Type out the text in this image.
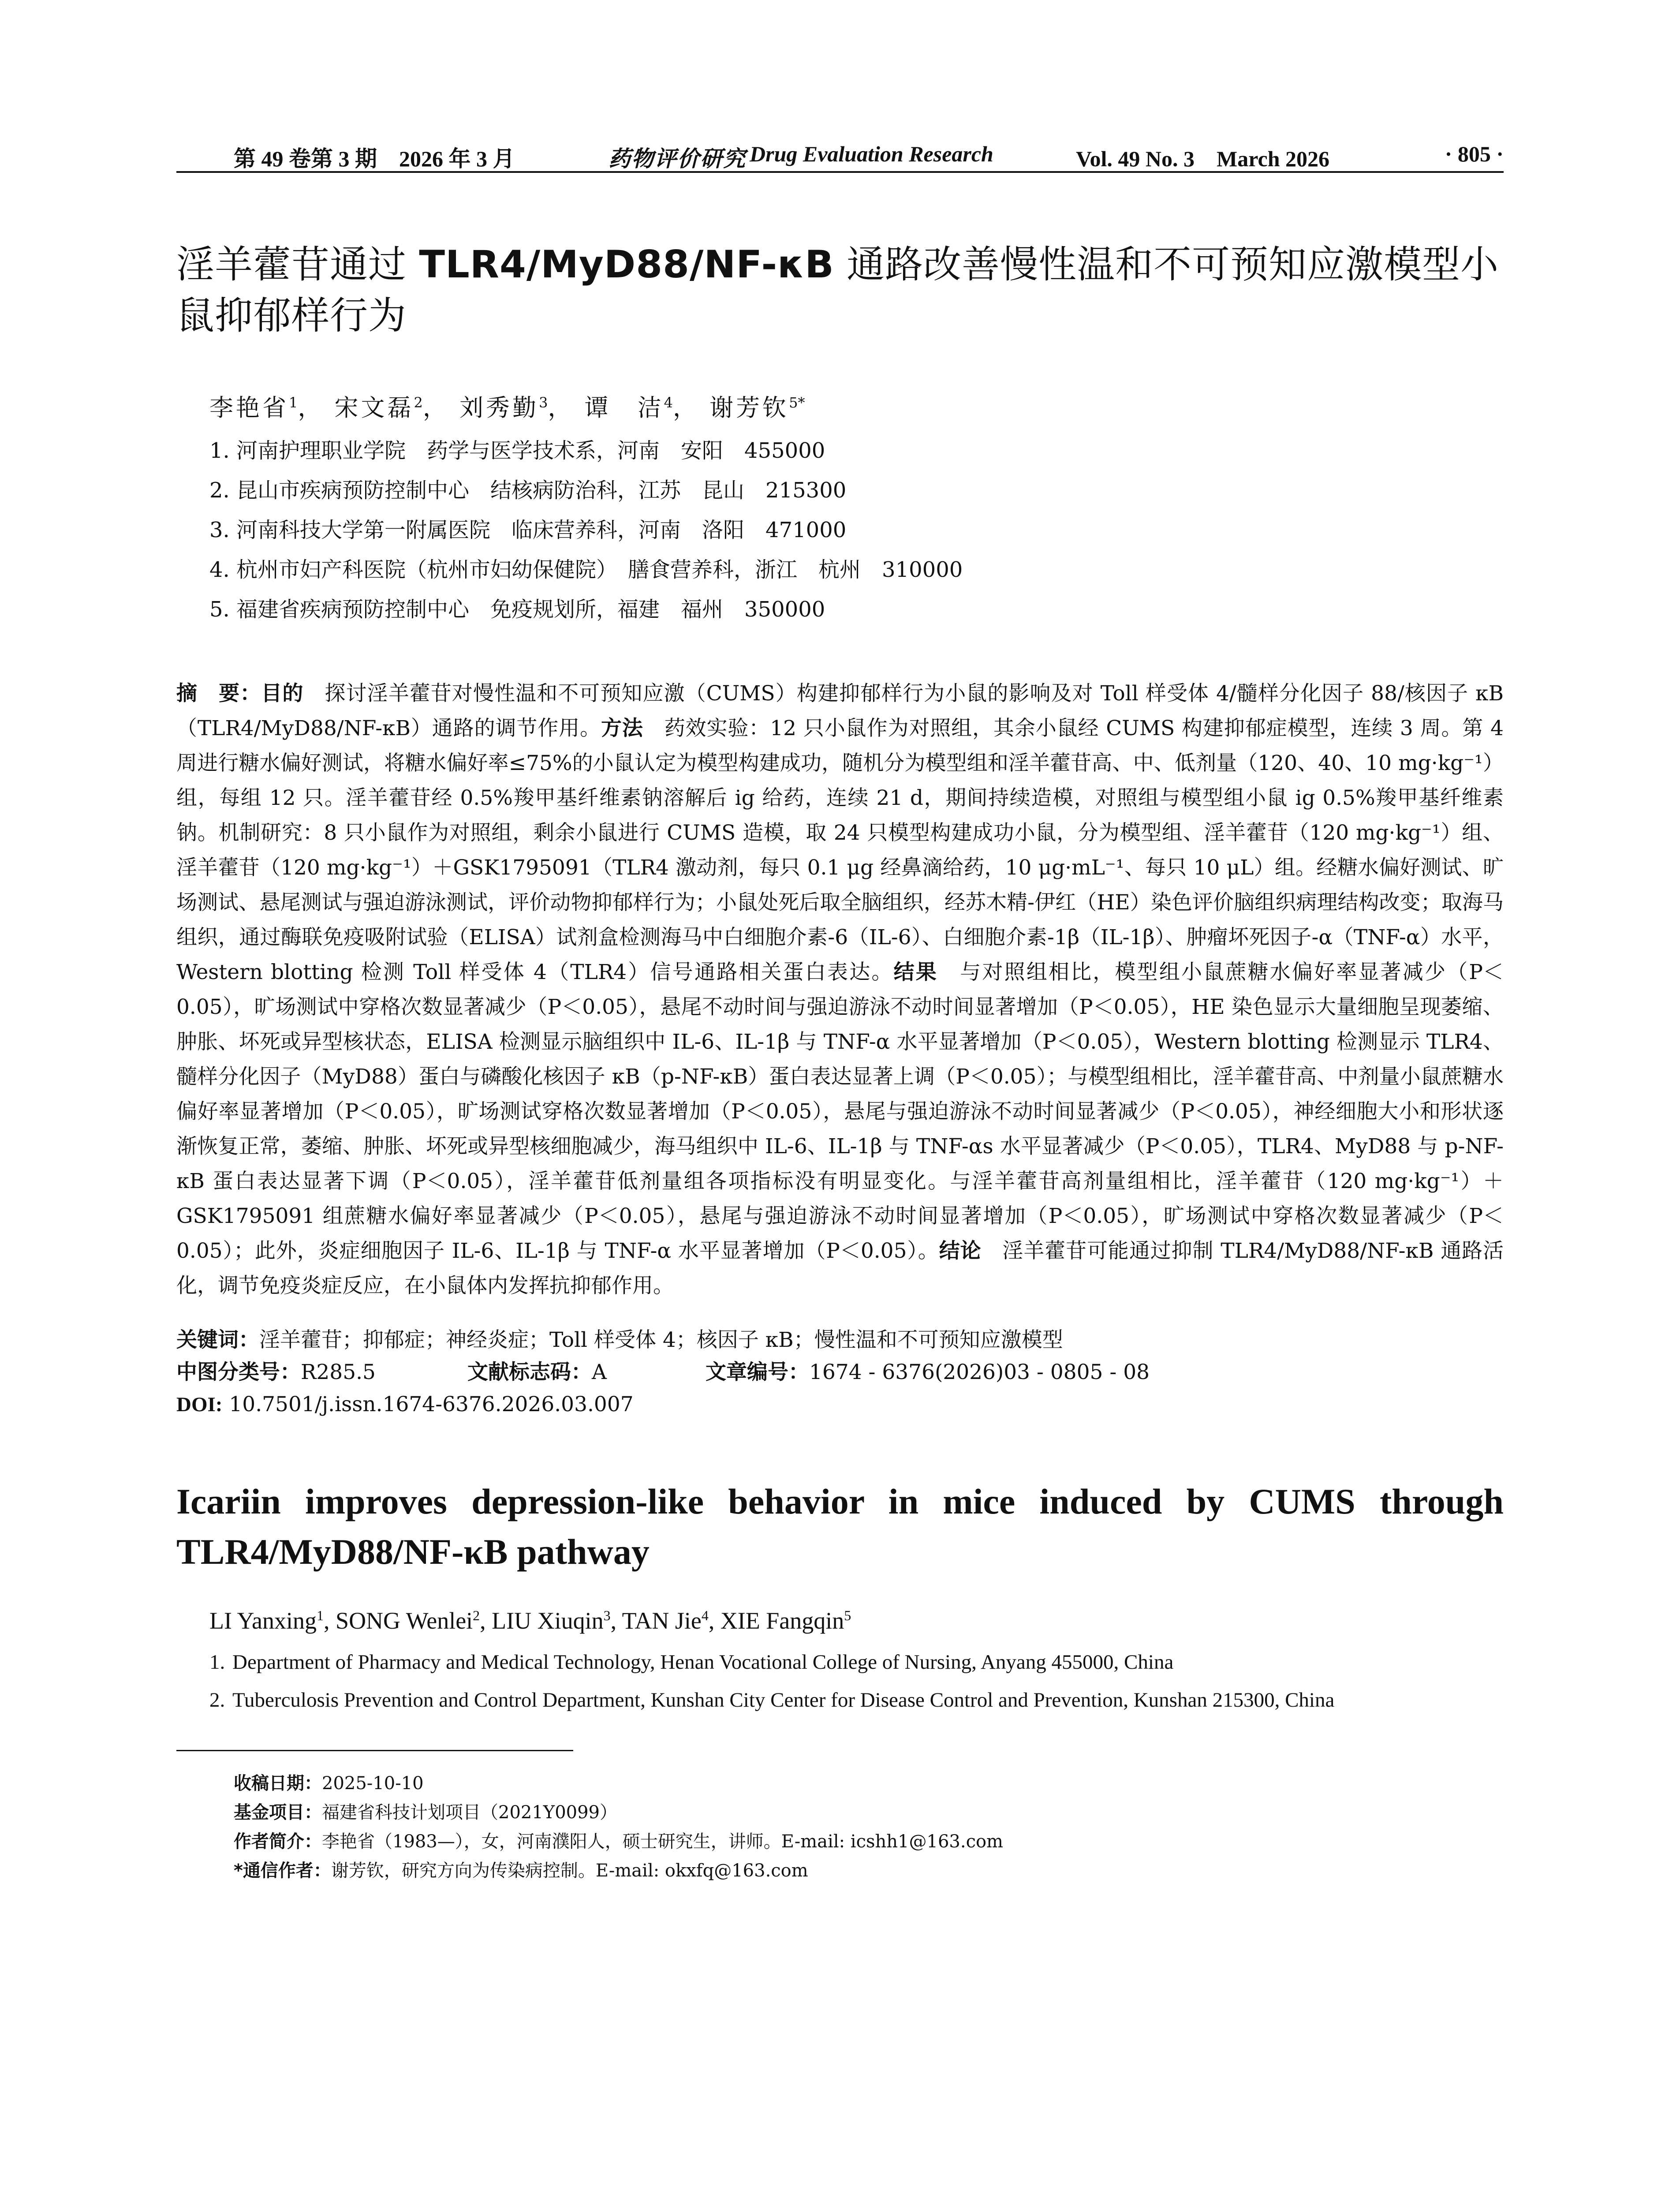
第 49 卷第 3 期　2026 年 3 月	药物评价研究 Drug Evaluation Research	Vol. 49 No. 3　March 2026	· 805 ·
淫羊藿苷通过 TLR4/MyD88/NF-κB 通路改善慢性温和不可预知应激模型小鼠抑郁样行为
李艳省$^1$， 宋文磊$^2$， 刘秀勤$^3$， 谭　洁$^4$， 谢芳钦$^{5*}$
1. 河南护理职业学院　药学与医学技术系，河南　安阳　455000
2. 昆山市疾病预防控制中心　结核病防治科，江苏　昆山　215300
3. 河南科技大学第一附属医院　临床营养科，河南　洛阳　471000
4. 杭州市妇产科医院（杭州市妇幼保健院）　膳食营养科，浙江　杭州　310000
5. 福建省疾病预防控制中心　免疫规划所，福建　福州　350000

摘　要：目的　探讨淫羊藿苷对慢性温和不可预知应激（CUMS）构建抑郁样行为小鼠的影响及对 Toll 样受体 4/髓样分化因子 88/核因子 κB（TLR4/MyD88/NF-κB）通路的调节作用。方法　药效实验：12 只小鼠作为对照组，其余小鼠经 CUMS 构建抑郁症模型，连续 3 周。第 4 周进行糖水偏好测试，将糖水偏好率≤75%的小鼠认定为模型构建成功，随机分为模型组和淫羊藿苷高、中、低剂量（120、40、10 mg·kg⁻¹）组，每组 12 只。淫羊藿苷经 0.5%羧甲基纤维素钠溶解后 ig 给药，连续 21 d，期间持续造模，对照组与模型组小鼠 ig 0.5%羧甲基纤维素钠。机制研究：8 只小鼠作为对照组，剩余小鼠进行 CUMS 造模，取 24 只模型构建成功小鼠，分为模型组、淫羊藿苷（120 mg·kg⁻¹）组、淫羊藿苷（120 mg·kg⁻¹）＋GSK1795091（TLR4 激动剂，每只 0.1 μg 经鼻滴给药，10 μg·mL⁻¹、每只 10 μL）组。经糖水偏好测试、旷场测试、悬尾测试与强迫游泳测试，评价动物抑郁样行为；小鼠处死后取全脑组织，经苏木精-伊红（HE）染色评价脑组织病理结构改变；取海马组织，通过酶联免疫吸附试验（ELISA）试剂盒检测海马中白细胞介素-6（IL-6）、白细胞介素-1β（IL-1β）、肿瘤坏死因子-α（TNF-α）水平，Western blotting 检测 Toll 样受体 4（TLR4）信号通路相关蛋白表达。结果　与对照组相比，模型组小鼠蔗糖水偏好率显著减少（P＜0.05），旷场测试中穿格次数显著减少（P＜0.05），悬尾不动时间与强迫游泳不动时间显著增加（P＜0.05），HE 染色显示大量细胞呈现萎缩、肿胀、坏死或异型核状态，ELISA 检测显示脑组织中 IL-6、IL-1β 与 TNF-α 水平显著增加（P＜0.05），Western blotting 检测显示 TLR4、髓样分化因子（MyD88）蛋白与磷酸化核因子 κB（p-NF-κB）蛋白表达显著上调（P＜0.05）；与模型组相比，淫羊藿苷高、中剂量小鼠蔗糖水偏好率显著增加（P＜0.05），旷场测试穿格次数显著增加（P＜0.05），悬尾与强迫游泳不动时间显著减少（P＜0.05），神经细胞大小和形状逐渐恢复正常，萎缩、肿胀、坏死或异型核细胞减少，海马组织中 IL-6、IL-1β 与 TNF-αs 水平显著减少（P＜0.05），TLR4、MyD88 与 p-NF-κB 蛋白表达显著下调（P＜0.05），淫羊藿苷低剂量组各项指标没有明显变化。与淫羊藿苷高剂量组相比，淫羊藿苷（120 mg·kg⁻¹）＋GSK1795091 组蔗糖水偏好率显著减少（P＜0.05），悬尾与强迫游泳不动时间显著增加（P＜0.05），旷场测试中穿格次数显著减少（P＜0.05）；此外，炎症细胞因子 IL-6、IL-1β 与 TNF-α 水平显著增加（P＜0.05）。结论　淫羊藿苷可能通过抑制 TLR4/MyD88/NF-κB 通路活化，调节免疫炎症反应，在小鼠体内发挥抗抑郁作用。

关键词：淫羊藿苷；抑郁症；神经炎症；Toll 样受体 4；核因子 κB；慢性温和不可预知应激模型
中图分类号：R285.5	文献标志码：A	文章编号：1674 - 6376(2026)03 - 0805 - 08
DOI: 10.7501/j.issn.1674-6376.2026.03.007
Icariin improves depression-like behavior in mice induced by CUMS through TLR4/MyD88/NF-κB pathway
LI Yanxing$^1$, SONG Wenlei$^2$, LIU Xiuqin$^3$, TAN Jie$^4$, XIE Fangqin$^5$
1. Department of Pharmacy and Medical Technology, Henan Vocational College of Nursing, Anyang 455000, China
2. Tuberculosis Prevention and Control Department, Kunshan City Center for Disease Control and Prevention, Kunshan 215300, China
收稿日期：2025-10-10
基金项目：福建省科技计划项目（2021Y0099）
作者简介：李艳省（1983—），女，河南濮阳人，硕士研究生，讲师。E-mail: icshh1@163.com
*通信作者：谢芳钦，研究方向为传染病控制。E-mail: okxfq@163.com
